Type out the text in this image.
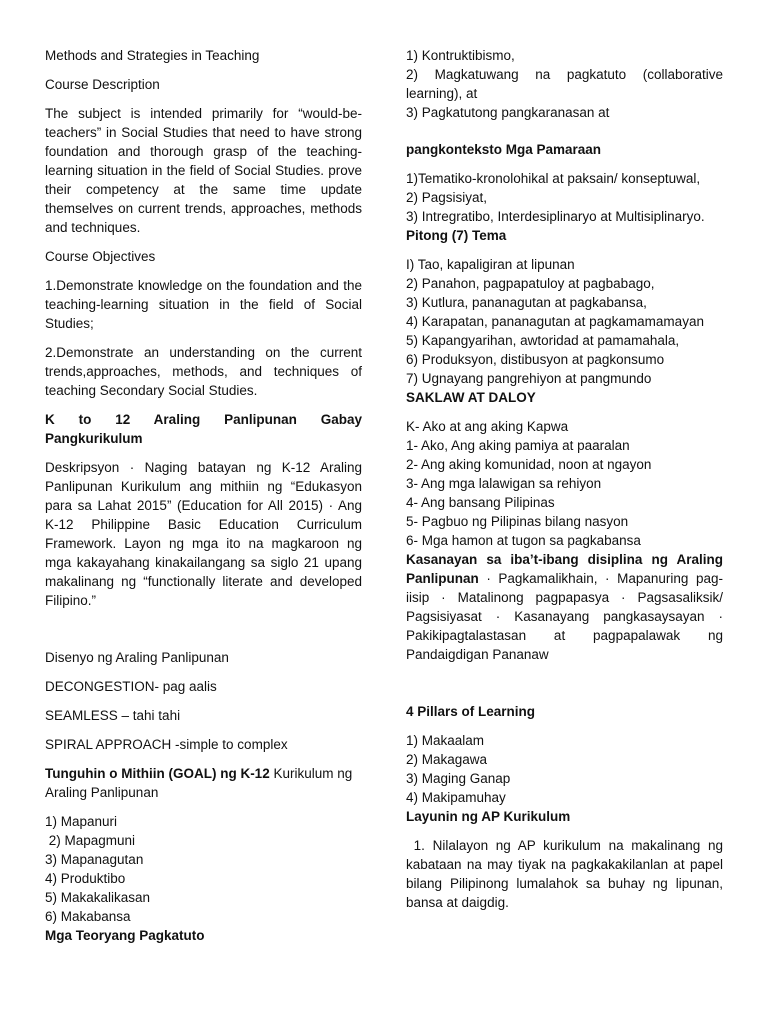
Methods and Strategies in Teaching

Course Description

The subject is intended primarily for “would-be-teachers” in Social Studies that need to have strong foundation and thorough grasp of the teaching-learning situation in the field of Social Studies. prove their competency at the same time update themselves on current trends, approaches, methods and techniques.

Course Objectives

1.Demonstrate knowledge on the foundation and the teaching-learning situation in the field of Social Studies;

2.Demonstrate an understanding on the current trends,approaches, methods, and techniques of teaching Secondary Social Studies.

K to 12 Araling Panlipunan Gabay Pangkurikulum

Deskripsyon · Naging batayan ng K-12 Araling Panlipunan Kurikulum ang mithiin ng “Edukasyon para sa Lahat 2015” (Education for All 2015) · Ang K-12 Philippine Basic Education Curriculum Framework. Layon ng mga ito na magkaroon ng mga kakayahang kinakailangang sa siglo 21 upang makalinang ng “functionally literate and developed Filipino.”

Disenyo ng Araling Panlipunan

DECONGESTION- pag aalis

SEAMLESS – tahi tahi

SPIRAL APPROACH -simple to complex

Tunguhin o Mithiin (GOAL) ng K-12 Kurikulum ng Araling Panlipunan

1) Mapanuri
2) Mapagmuni
3) Mapanagutan
4) Produktibo
5) Makakalikasan
6) Makabansa
Mga Teoryang Pagkatuto
1) Kontruktibismo,
2) Magkatuwang na pagkatuto (collaborative learning), at
3) Pagkatutong pangkaranasan at

pangkonteksto Mga Pamaraan

1)Tematiko-kronolohikal at paksain/ konseptuwal,
2) Pagsisiyat,
3) Intregratibo, Interdesiplinaryo at Multisiplinaryo.
Pitong (7) Tema
I) Tao, kapaligiran at lipunan
2) Panahon, pagpapatuloy at pagbabago,
3) Kutlura, pananagutan at pagkabansa,
4) Karapatan, pananagutan at pagkamamamayan
5) Kapangyarihan, awtoridad at pamamahala,
6) Produksyon, distibusyon at pagkonsumo
7) Ugnayang pangrehiyon at pangmundo
SAKLAW AT DALOY
K- Ako at ang aking Kapwa
1- Ako, Ang aking pamiya at paaralan
2- Ang aking komunidad, noon at ngayon
3- Ang mga lalawigan sa rehiyon
4- Ang bansang Pilipinas
5- Pagbuo ng Pilipinas bilang nasyon
6- Mga hamon at tugon sa pagkabansa

Kasanayan sa iba’t-ibang disiplina ng Araling Panlipunan · Pagkamalikhain, · Mapanuring pag-iisip · Matalinong pagpapasya · Pagsasaliksik/ Pagsisiyasat · Kasanayang pangkasaysayan · Pakikipagtalastasan at pagpapalawak ng Pandaigdigan Pananaw

4 Pillars of Learning

1) Makaalam
2) Makagawa
3) Maging Ganap
4) Makipamuhay
Layunin ng AP Kurikulum

1. Nilalayon ng AP kurikulum na makalinang ng kabataan na may tiyak na pagkakakilanlan at papel bilang Pilipinong lumalahok sa buhay ng lipunan, bansa at daigdig.
